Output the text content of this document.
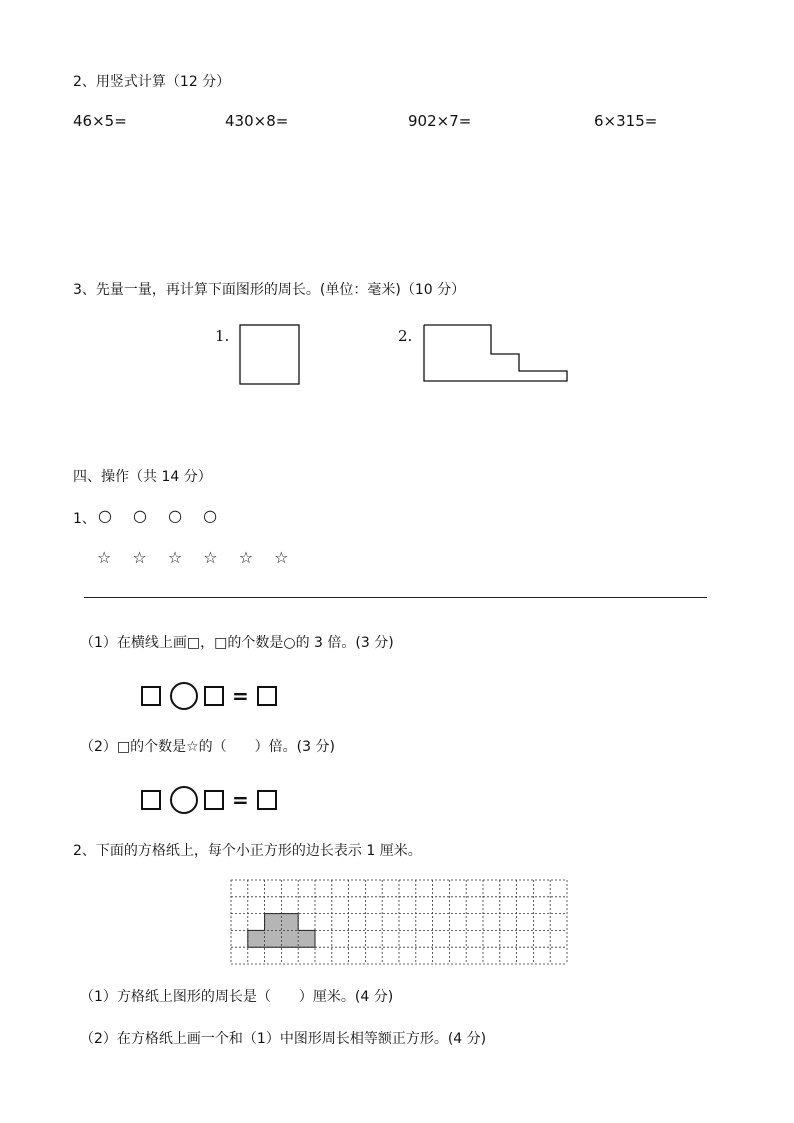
2、用竖式计算（12 分）
46×5=	430×8=	902×7=	6×315=
3、先量一量，再计算下面图形的周长。(单位：毫米)（10 分）
1.	2.
四、操作（共 14 分）
1、 ○ ○ ○ ○
☆ ☆ ☆ ☆ ☆ ☆
（1）在横线上画□，□的个数是○的 3 倍。(3 分)
=
（2）□的个数是☆的（　　）倍。(3 分)
=
2、下面的方格纸上，每个小正方形的边长表示 1 厘米。
（1）方格纸上图形的周长是（　　）厘米。(4 分)
（2）在方格纸上画一个和（1）中图形周长相等额正方形。(4 分)
